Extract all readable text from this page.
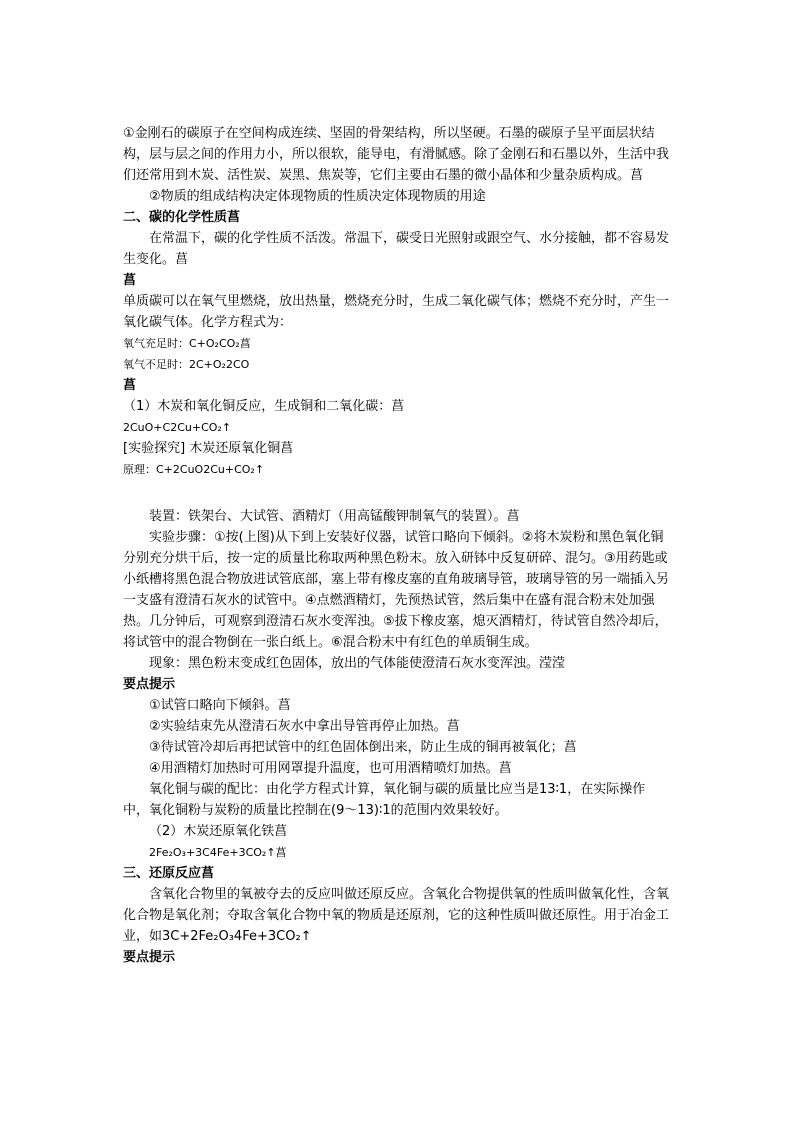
①金刚石的碳原子在空间构成连续、坚固的骨架结构，所以坚硬。石墨的碳原子呈平面层状结构，层与层之间的作用力小，所以很软，能导电，有滑腻感。除了金刚石和石墨以外，生活中我们还常用到木炭、活性炭、炭黑、焦炭等，它们主要由石墨的微小晶体和少量杂质构成。菖

②物质的组成结构决定体现物质的性质决定体现物质的用途

二、碳的化学性质菖

在常温下，碳的化学性质不活泼。常温下，碳受日光照射或跟空气、水分接触，都不容易发生变化。菖

菖

单质碳可以在氧气里燃烧，放出热量，燃烧充分时，生成二氧化碳气体；燃烧不充分时，产生一氧化碳气体。化学方程式为：

氧气充足时：C+O₂CO₂菖

氧气不足时：2C+O₂2CO

菖

（1）木炭和氧化铜反应，生成铜和二氧化碳：菖

2CuO+C2Cu+CO₂↑

[实验探究] 木炭还原氧化铜菖

原理：C+2CuO2Cu+CO₂↑

装置：铁架台、大试管、酒精灯（用高锰酸钾制氧气的装置）。菖

实验步骤：①按(上图)从下到上安装好仪器，试管口略向下倾斜。②将木炭粉和黑色氧化铜分别充分烘干后，按一定的质量比称取两种黑色粉末。放入研钵中反复研碎、混匀。③用药匙或小纸槽将黑色混合物放进试管底部，塞上带有橡皮塞的直角玻璃导管，玻璃导管的另一端插入另一支盛有澄清石灰水的试管中。④点燃酒精灯，先预热试管，然后集中在盛有混合粉末处加强热。几分钟后，可观察到澄清石灰水变浑浊。⑤拔下橡皮塞，熄灭酒精灯，待试管自然冷却后，将试管中的混合物倒在一张白纸上。⑥混合粉末中有红色的单质铜生成。

现象：黑色粉末变成红色固体，放出的气体能使澄清石灰水变浑浊。滢滢

要点提示

①试管口略向下倾斜。菖

②实验结束先从澄清石灰水中拿出导管再停止加热。菖

③待试管冷却后再把试管中的红色固体倒出来，防止生成的铜再被氧化；菖

④用酒精灯加热时可用网罩提升温度，也可用酒精喷灯加热。菖

氧化铜与碳的配比：由化学方程式计算，氧化铜与碳的质量比应当是13∶1，在实际操作中，氧化铜粉与炭粉的质量比控制在(9～13)∶1的范围内效果较好。

（2）木炭还原氧化铁菖

2Fe₂O₃+3C4Fe+3CO₂↑菖

三、还原反应菖

含氧化合物里的氧被夺去的反应叫做还原反应。含氧化合物提供氧的性质叫做氧化性，含氧化合物是氧化剂；夺取含氧化合物中氧的物质是还原剂，它的这种性质叫做还原性。用于冶金工业，如3C+2Fe₂O₃4Fe+3CO₂↑

要点提示
